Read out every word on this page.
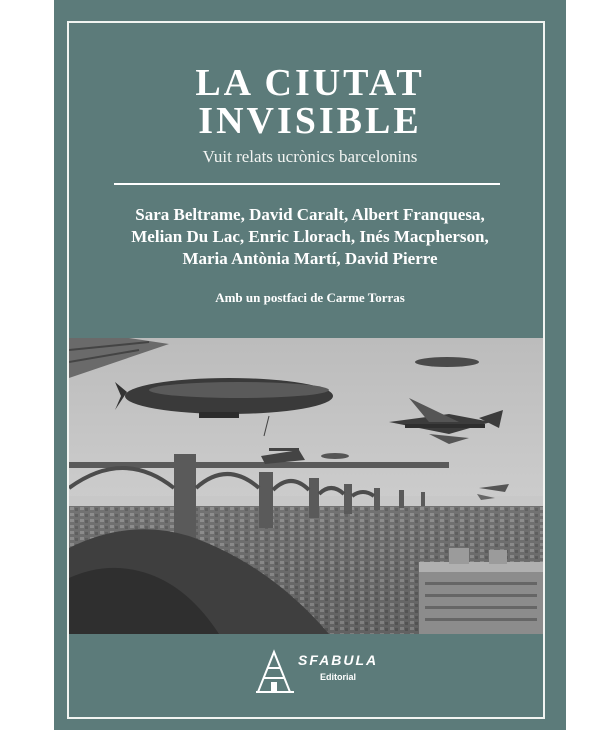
LA CIUTAT
INVISIBLE
Vuit relats ucrònics barcelonins
Sara Beltrame, David Caralt, Albert Franquesa,
Melian Du Lac, Enric Llorach, Inés Macpherson,
Maria Antònia Martí, David Pierre
Amb un postfaci de Carme Torras
SFABULA
Editorial
